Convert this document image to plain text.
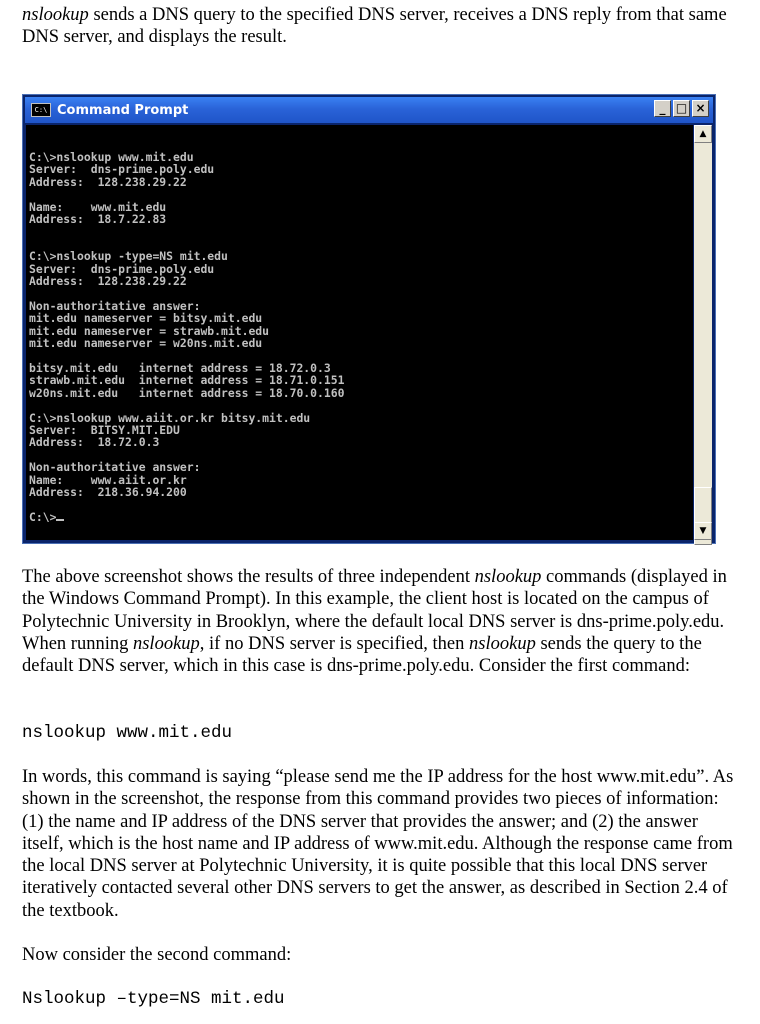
nslookup sends a DNS query to the specified DNS server, receives a DNS reply from that same DNS server, and displays the result.

C:\ Command Prompt	_ □ ×
C:\>nslookup www.mit.edu
Server:  dns-prime.poly.edu
Address:  128.238.29.22

Name:    www.mit.edu
Address:  18.7.22.83

C:\>nslookup -type=NS mit.edu
Server:  dns-prime.poly.edu
Address:  128.238.29.22

Non-authoritative answer:
mit.edu nameserver = bitsy.mit.edu
mit.edu nameserver = strawb.mit.edu
mit.edu nameserver = w20ns.mit.edu

bitsy.mit.edu   internet address = 18.72.0.3
strawb.mit.edu  internet address = 18.71.0.151
w20ns.mit.edu   internet address = 18.70.0.160

C:\>nslookup www.aiit.or.kr bitsy.mit.edu
Server:  BITSY.MIT.EDU
Address:  18.72.0.3

Non-authoritative answer:
Name:    www.aiit.or.kr
Address:  218.36.94.200

C:\>
▲
▼

The above screenshot shows the results of three independent nslookup commands (displayed in the Windows Command Prompt). In this example, the client host is located on the campus of Polytechnic University in Brooklyn, where the default local DNS server is dns-prime.poly.edu. When running nslookup, if no DNS server is specified, then nslookup sends the query to the default DNS server, which in this case is dns-prime.poly.edu. Consider the first command:

nslookup www.mit.edu

In words, this command is saying “please send me the IP address for the host www.mit.edu”. As shown in the screenshot, the response from this command provides two pieces of information: (1) the name and IP address of the DNS server that provides the answer; and (2) the answer itself, which is the host name and IP address of www.mit.edu. Although the response came from the local DNS server at Polytechnic University, it is quite possible that this local DNS server iteratively contacted several other DNS servers to get the answer, as described in Section 2.4 of the textbook.

Now consider the second command:

Nslookup –type=NS mit.edu
